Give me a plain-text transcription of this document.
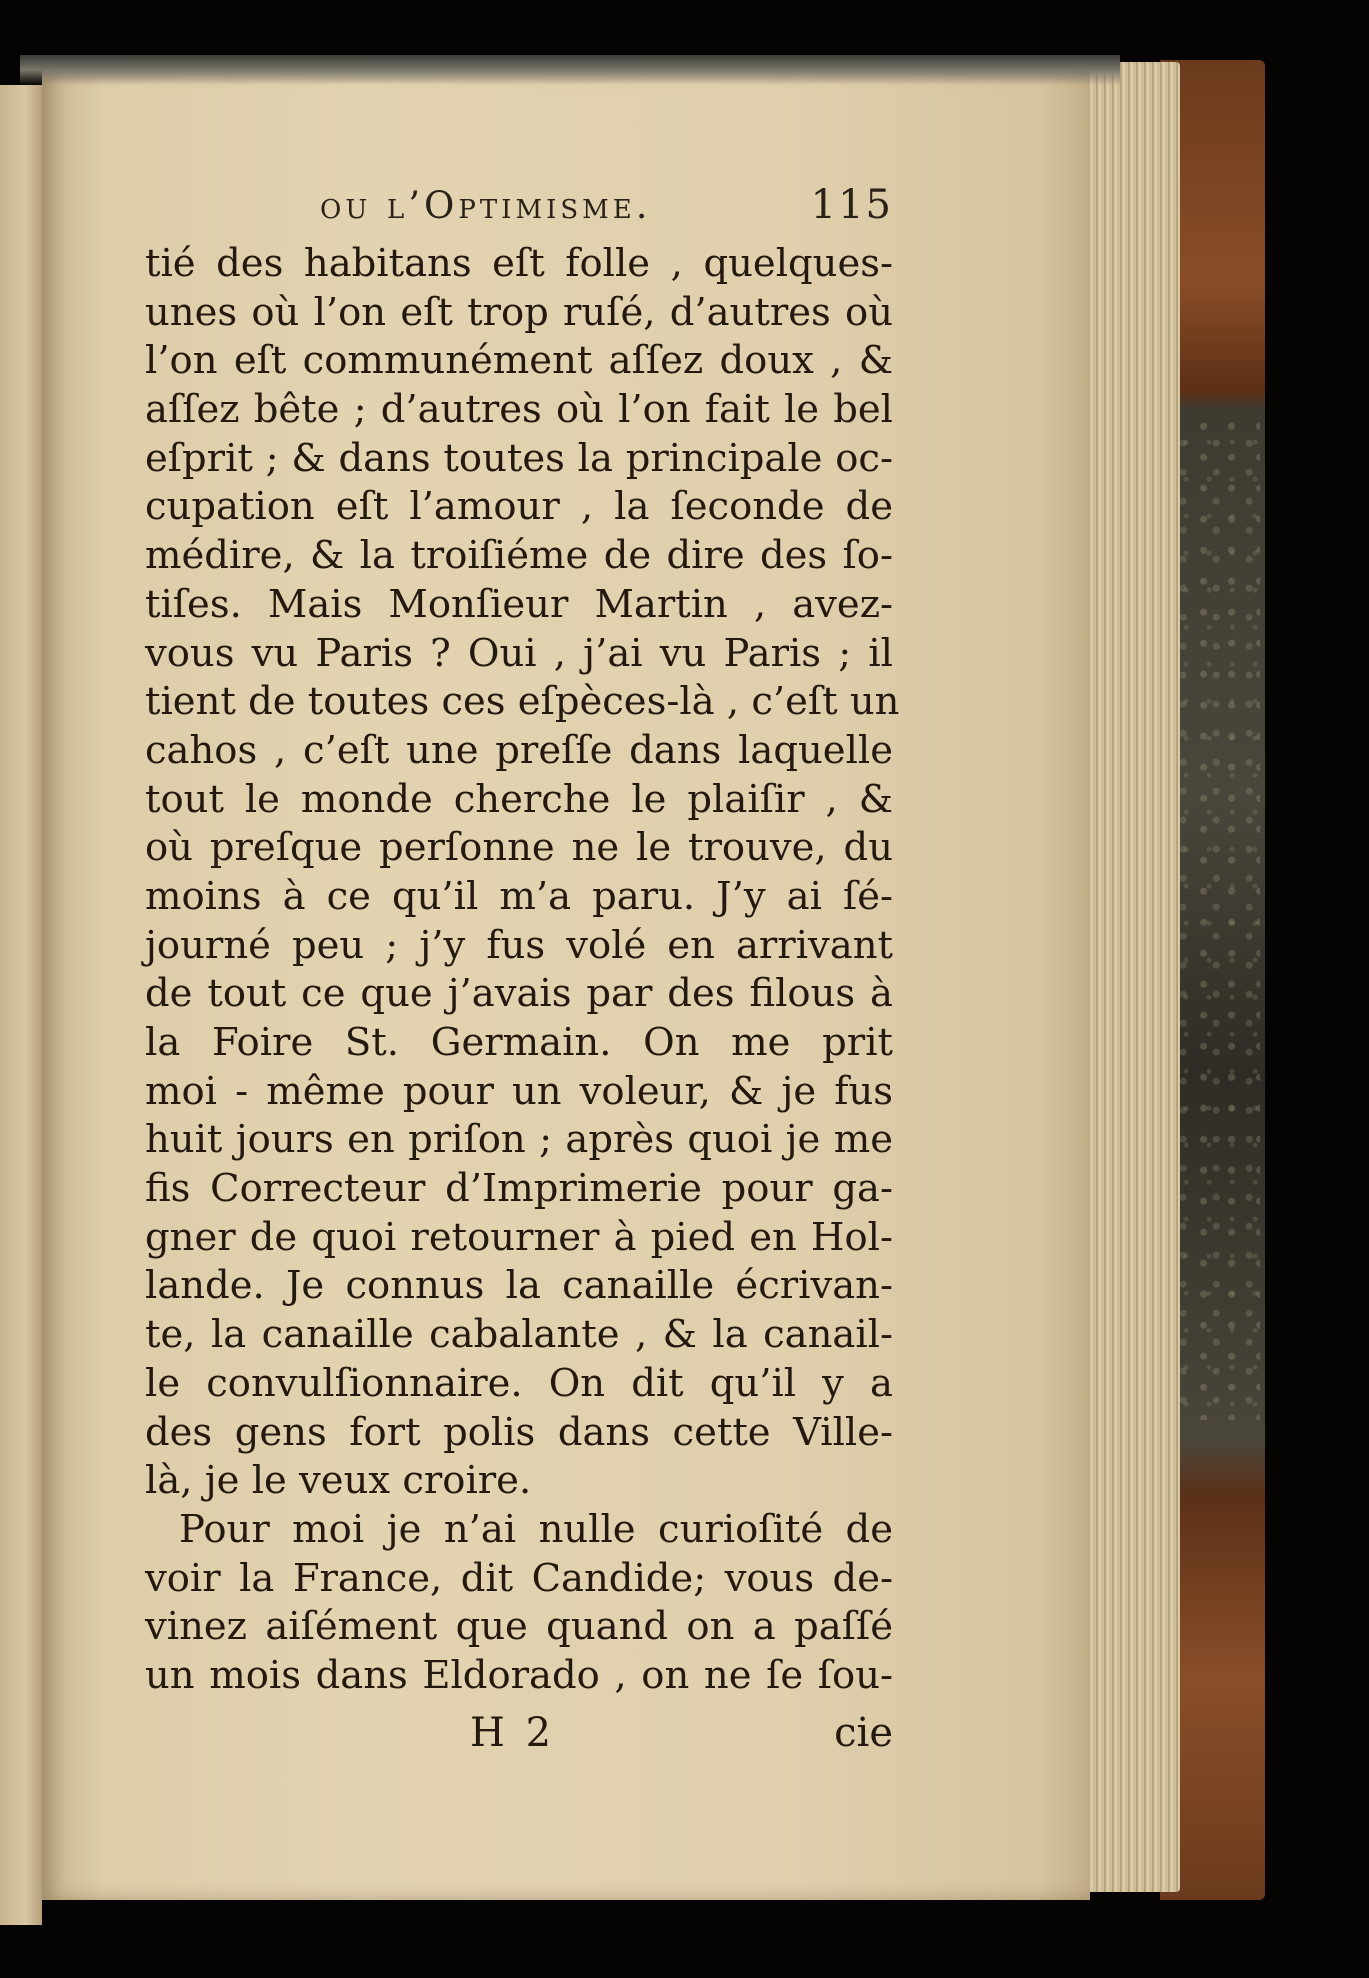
ou l’Optimisme.	115
tié des habitans eſt folle , quelques-
unes où l’on eſt trop ruſé, d’autres où
l’on eſt communément aſſez doux , &
aſſez bête ; d’autres où l’on fait le bel
eſprit ; & dans toutes la principale oc-
cupation eſt l’amour , la ſeconde de
médire, & la troiſiéme de dire des ſo-
tiſes. Mais Monſieur Martin , avez-
vous vu Paris ? Oui , j’ai vu Paris ; il
tient de toutes ces eſpèces-là , c’eſt un
cahos , c’eſt une preſſe dans laquelle
tout le monde cherche le plaiſir , &
où preſque perſonne ne le trouve, du
moins à ce qu’il m’a paru. J’y ai ſé-
journé peu ; j’y fus volé en arrivant
de tout ce que j’avais par des filous à
la Foire St. Germain. On me prit
moi - même pour un voleur, & je fus
huit jours en priſon ; après quoi je me
fis Correcteur d’Imprimerie pour ga-
gner de quoi retourner à pied en Hol-
lande. Je connus la canaille écrivan-
te, la canaille cabalante , & la canail-
le convulſionnaire. On dit qu’il y a
des gens fort polis dans cette Ville-
là, je le veux croire.
Pour moi je n’ai nulle curioſité de
voir la France, dit Candide; vous de-
vinez aiſément que quand on a paſſé
un mois dans Eldorado , on ne ſe ſou-
H 2	cie
